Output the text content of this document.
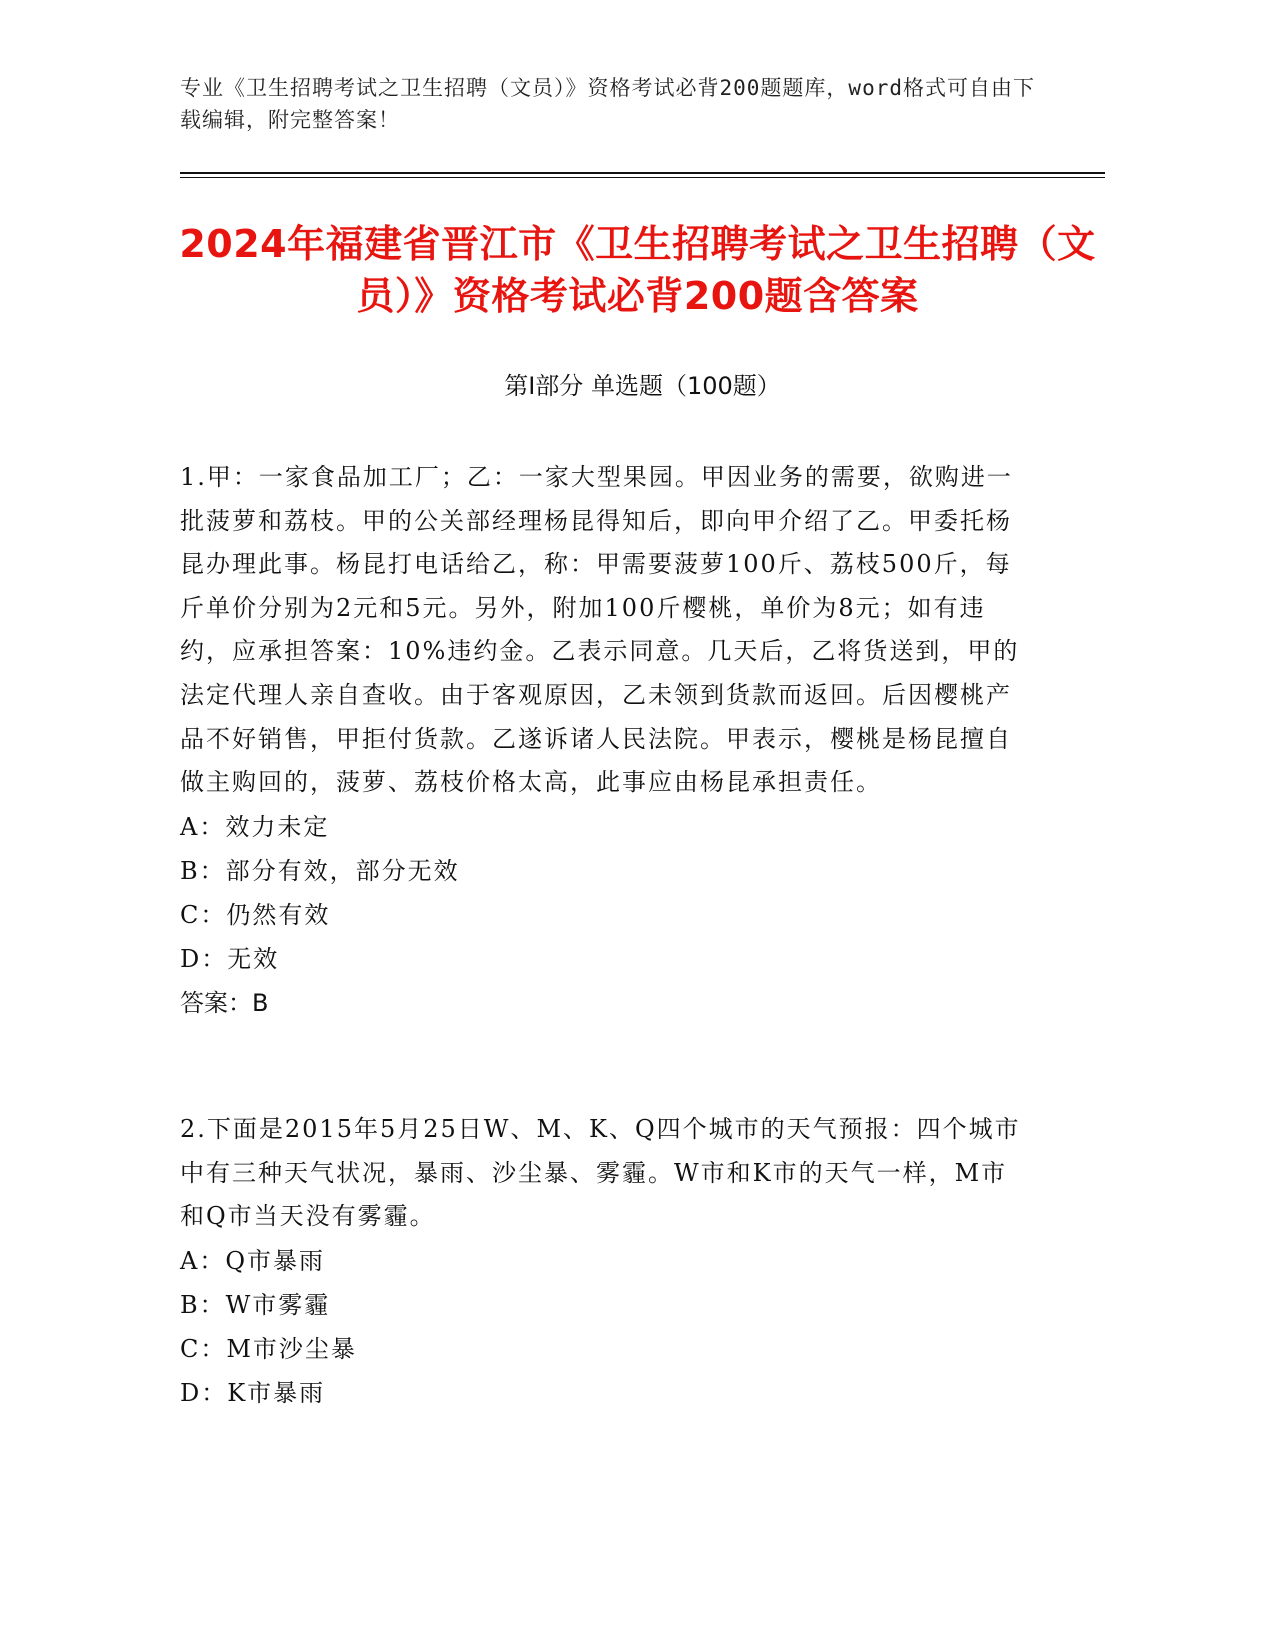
专业《卫生招聘考试之卫生招聘（文员）》资格考试必背200题题库，word格式可自由下载编辑，附完整答案！
2024年福建省晋江市《卫生招聘考试之卫生招聘（文员）》资格考试必背200题含答案
第Ⅰ部分 单选题（100题）

1.甲：一家食品加工厂；乙：一家大型果园。甲因业务的需要，欲购进一批菠萝和荔枝。甲的公关部经理杨昆得知后，即向甲介绍了乙。甲委托杨昆办理此事。杨昆打电话给乙，称：甲需要菠萝100斤、荔枝500斤，每斤单价分别为2元和5元。另外，附加100斤樱桃，单价为8元；如有违约，应承担答案：10%违约金。乙表示同意。几天后，乙将货送到，甲的法定代理人亲自查收。由于客观原因，乙未领到货款而返回。后因樱桃产品不好销售，甲拒付货款。乙遂诉诸人民法院。甲表示，樱桃是杨昆擅自做主购回的，菠萝、荔枝价格太高，此事应由杨昆承担责任。

A：效力未定

B：部分有效，部分无效

C：仍然有效

D：无效

答案：B

2.下面是2015年5月25日W、M、K、Q四个城市的天气预报：四个城市中有三种天气状况，暴雨、沙尘暴、雾霾。W市和K市的天气一样，M市和Q市当天没有雾霾。

A：Q市暴雨

B：W市雾霾

C：M市沙尘暴

D：K市暴雨
